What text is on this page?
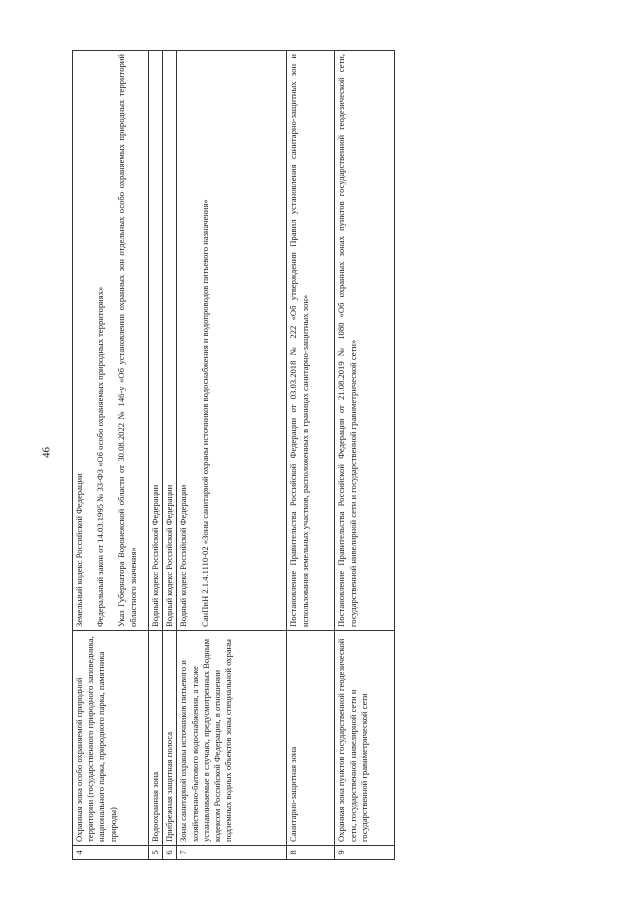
46
4	Охранная зона особо охраняемой природной территории (государственного природного заповедника, национального парка, природного парка, памятника природы)	Земельный кодекс Российской Федерации Федеральный закон от 14.03.1995 № 33-ФЗ «Об особо охраняемых природных территориях» Указ Губернатора Воронежской области от 30.08.2022 № 146-у «Об установлении охранных зон отдельных особо охраняемых природных территорий областного значения»

5	Водоохранная зона	Водный кодекс Российской Федерации

6	Прибрежная защитная полоса	Водный кодекс Российской Федерации

7	Зоны санитарной охраны источников питьевого и хозяйственно-бытового водоснабжения, а также устанавливаемые в случаях, предусмотренных Водным кодексом Российской Федерации, в отношении подземных водных объектов зоны специальной охраны	Водный кодекс Российской Федерации СанПиН 2.1.4.1110-02 «Зоны санитарной охраны источников водоснабжения и водопроводов питьевого назначения»

8	Санитарно-защитная зона	Постановление Правительства Российской Федерации от 03.03.2018 № 222 «Об утверждении Правил установления санитарно-защитных зон и использования земельных участков, расположенных в границах санитарно-защитных зон»

9	Охранная зона пунктов государственной геодезической сети, государственной нивелирной сети и государственной гравиметрической сети	Постановление Правительства Российской Федерации от 21.08.2019 № 1080 «Об охранных зонах пунктов государственной геодезической сети, государственной нивелирной сети и государственной гравиметрической сети»
